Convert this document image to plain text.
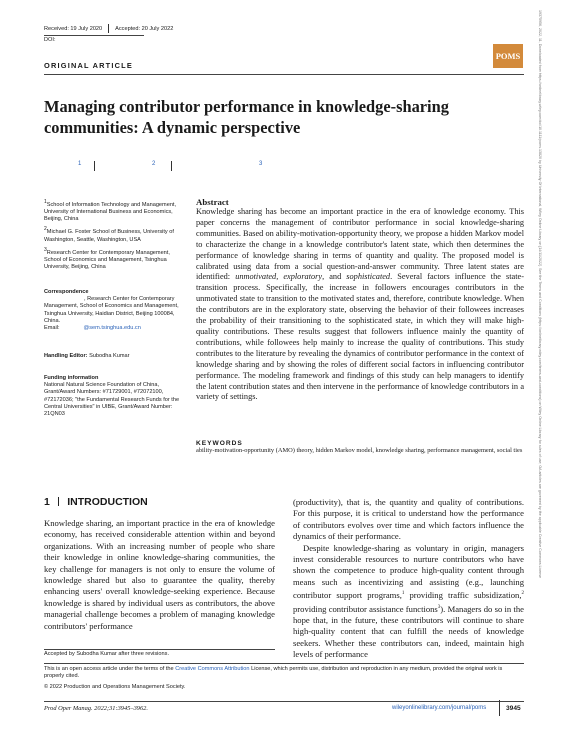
Received: 19 July 2020 Accepted: 20 July 2022
DOI:
ORIGINAL ARTICLE
POMS	19375956, 2022, 11, Downloaded from https://onlinelibrary.wiley.com/doi/10.1111/poms.13820 by University Of International, Wiley Online Library on [14/11/2022]. See the Terms and Conditions (https://onlinelibrary.wiley.com/terms-and-conditions) on Wiley Online Library for rules of use; OA articles are governed by the applicable Creative Commons License
Managing contributor performance in knowledge-sharing
communities: A dynamic perspective
1	2	3
1School of Information Technology and Management, University of International Business and Economics, Beijing, China
2Michael G. Foster School of Business, University of Washington, Seattle, Washington, USA
3Research Center for Contemporary Management, School of Economics and Management, Tsinghua University, Beijing, China
Correspondence
, Research Center for Contemporary Management, School of Economics and Management, Tsinghua University, Haidian District, Beijing 100084, China.
Email:	@sem.tsinghua.edu.cn
Handling Editor: Subodha Kumar
Funding information
National Natural Science Foundation of China, Grant/Award Numbers: #71729001, #72072100, #72172036; "the Fundamental Research Funds for the Central Universities" in UIBE, Grant/Award Number: 21QN03
Abstract
Knowledge sharing has become an important practice in the era of knowledge economy. This paper concerns the management of contributor performance in social knowledge-sharing communities. Based on ability-motivation-opportunity theory, we propose a hidden Markov model to characterize the change in a knowledge contributor's latent state, which then determines the performance of knowledge sharing in terms of quantity and quality. The proposed model is calibrated using data from a social question-and-answer community. Three latent states are identified: unmotivated, exploratory, and sophisticated. Several factors influence the state-transition process. Specifically, the increase in followers encourages contributors in the unmotivated state to transition to the motivated states and, therefore, contribute knowledge. When the contributors are in the exploratory state, observing the behavior of their followees increases the probability of their transitioning to the sophisticated state, in which they will make high-quality contributions. These results suggest that followers influence mainly the quantity of contributions, while followees help mainly to increase the quality of contributions. This study contributes to the literature by revealing the dynamics of contributor performance in the context of knowledge sharing and by showing the roles of different social factors in influencing contributor performance. The modeling framework and findings of this study can help managers to identify the latent contribution states and then intervene in the performance of knowledge contributors in a variety of settings.
KEYWORDS
ability-motivation-opportunity (AMO) theory, hidden Markov model, knowledge sharing, performance management, social ties
1 INTRODUCTION
Knowledge sharing, an important practice in the era of knowledge economy, has received considerable attention within and beyond organizations. With an increasing number of people who share their knowledge in online knowledge-sharing communities, the key challenge for managers is not only to ensure the volume of knowledge shared but also to guarantee the quality, thereby enhancing users' overall knowledge-seeking experience. Because knowledge is shared by individual users as contributors, the above managerial challenge becomes a problem of managing knowledge contributors' performance
(productivity), that is, the quantity and quality of contributions. For this purpose, it is critical to understand how the performance of contributors evolves over time and which factors influence the dynamics of their performance.
Despite knowledge-sharing as voluntary in origin, managers invest considerable resources to nurture contributors who have shown the competence to produce high-quality content through means such as incentivizing and assisting (e.g., launching contributor support programs,$^1$ providing traffic subsidization,$^2$ providing contributor assistance functions$^3$). Managers do so in the hope that, in the future, these contributors will continue to share high-quality content that can fulfill the needs of knowledge seekers. Whether these contributors can, indeed, maintain high levels of performance
Accepted by Subodha Kumar after three revisions.
This is an open access article under the terms of the Creative Commons Attribution License, which permits use, distribution and reproduction in any medium, provided the original work is properly cited.
© 2022 Production and Operations Management Society.
Prod Oper Manag. 2022;31:3945–3962.	wileyonlinelibrary.com/journal/poms	3945
